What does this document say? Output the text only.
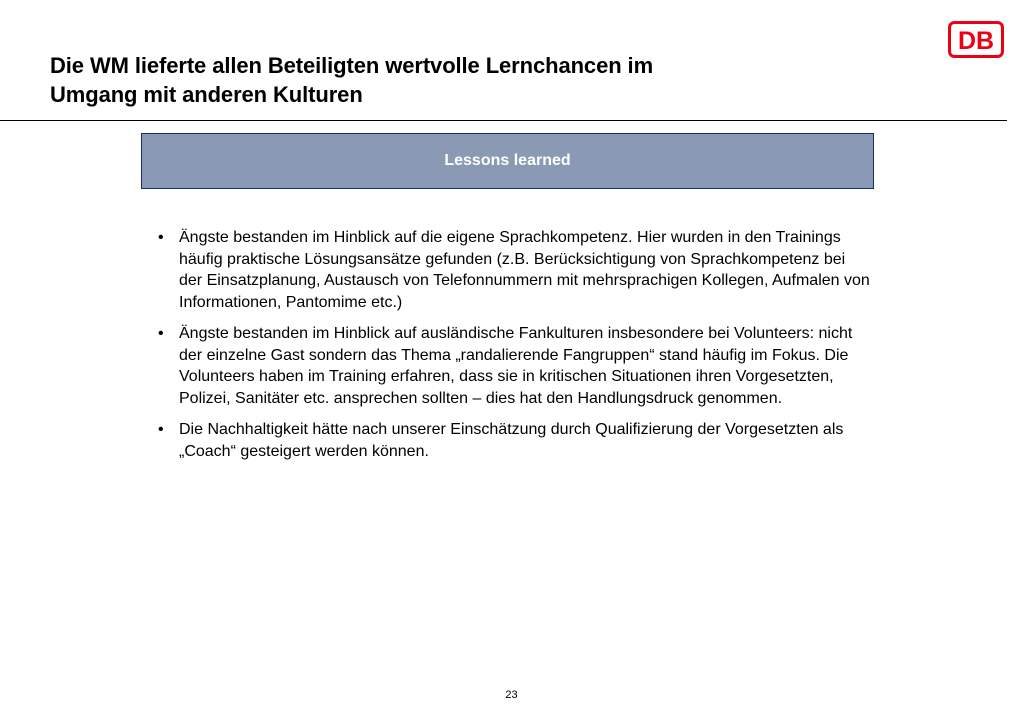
Die WM lieferte allen Beteiligten wertvolle Lernchancen im
Umgang mit anderen Kulturen
DB
Lessons learned
• Ängste bestanden im Hinblick auf die eigene Sprachkompetenz. Hier wurden in den Trainings häufig praktische Lösungsansätze gefunden (z.B. Berücksichtigung von Sprachkompetenz bei der Einsatzplanung, Austausch von Telefonnummern mit mehrsprachigen Kollegen, Aufmalen von Informationen, Pantomime etc.)
• Ängste bestanden im Hinblick auf ausländische Fankulturen insbesondere bei Volunteers: nicht der einzelne Gast sondern das Thema „randalierende Fangruppen“ stand häufig im Fokus. Die Volunteers haben im Training erfahren, dass sie in kritischen Situationen ihren Vorgesetzten, Polizei, Sanitäter etc. ansprechen sollten – dies hat den Handlungsdruck genommen.
• Die Nachhaltigkeit hätte nach unserer Einschätzung durch Qualifizierung der Vorgesetzten als „Coach“ gesteigert werden können.
23
